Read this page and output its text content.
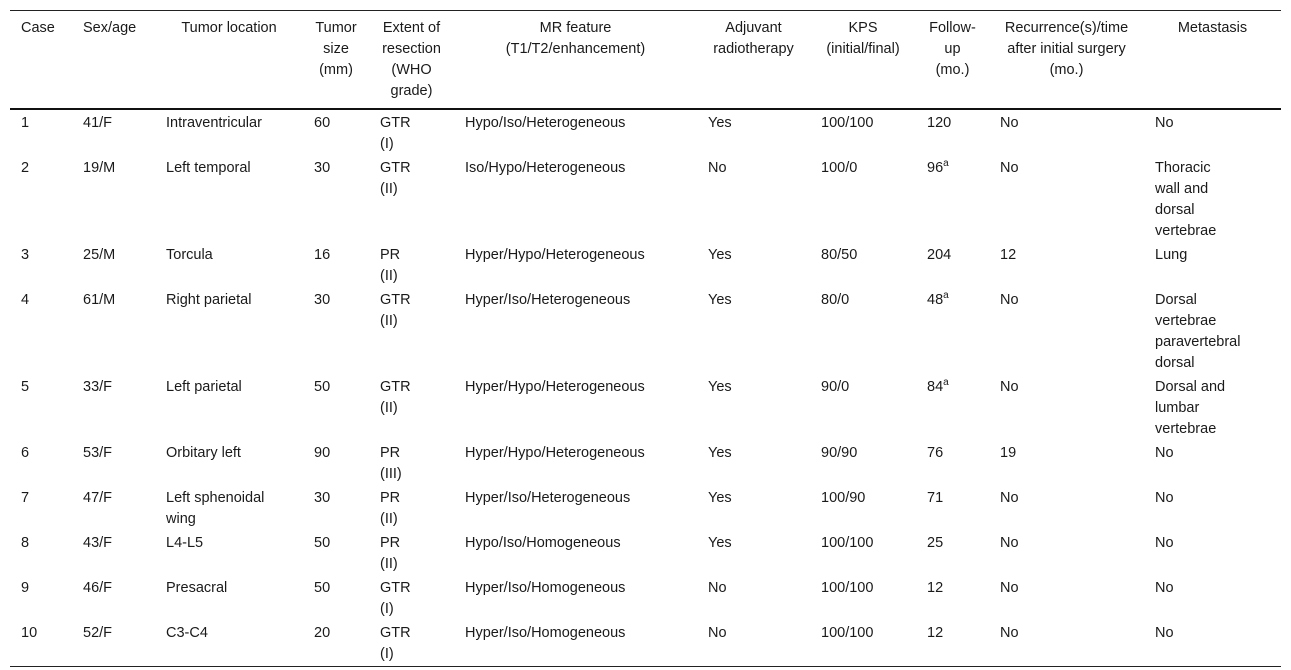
Case	Sex/age	Tumor location	Tumor
size
(mm)	Extent of
resection
(WHO
grade)	MR feature
(T1/T2/enhancement)	Adjuvant
radiotherapy	KPS
(initial/final)	Follow-
up
(mo.)	Recurrence(s)/time
after initial surgery
(mo.)	Metastasis
1	41/F	Intraventricular	60	GTR
(I)	Hypo/Iso/Heterogeneous	Yes	100/100	120	No	No
2	19/M	Left temporal	30	GTR
(II)	Iso/Hypo/Heterogeneous	No	100/0	96$^a$	No	Thoracic
wall and
dorsal
vertebrae
3	25/M	Torcula	16	PR
(II)	Hyper/Hypo/Heterogeneous	Yes	80/50	204	12	Lung
4	61/M	Right parietal	30	GTR
(II)	Hyper/Iso/Heterogeneous	Yes	80/0	48$^a$	No	Dorsal
vertebrae
paravertebral
dorsal
5	33/F	Left parietal	50	GTR
(II)	Hyper/Hypo/Heterogeneous	Yes	90/0	84$^a$	No	Dorsal and
lumbar
vertebrae
6	53/F	Orbitary left	90	PR
(III)	Hyper/Hypo/Heterogeneous	Yes	90/90	76	19	No
7	47/F	Left sphenoidal
wing	30	PR
(II)	Hyper/Iso/Heterogeneous	Yes	100/90	71	No	No
8	43/F	L4-L5	50	PR
(II)	Hypo/Iso/Homogeneous	Yes	100/100	25	No	No
9	46/F	Presacral	50	GTR
(I)	Hyper/Iso/Homogeneous	No	100/100	12	No	No
10	52/F	C3-C4	20	GTR
(I)	Hyper/Iso/Homogeneous	No	100/100	12	No	No
